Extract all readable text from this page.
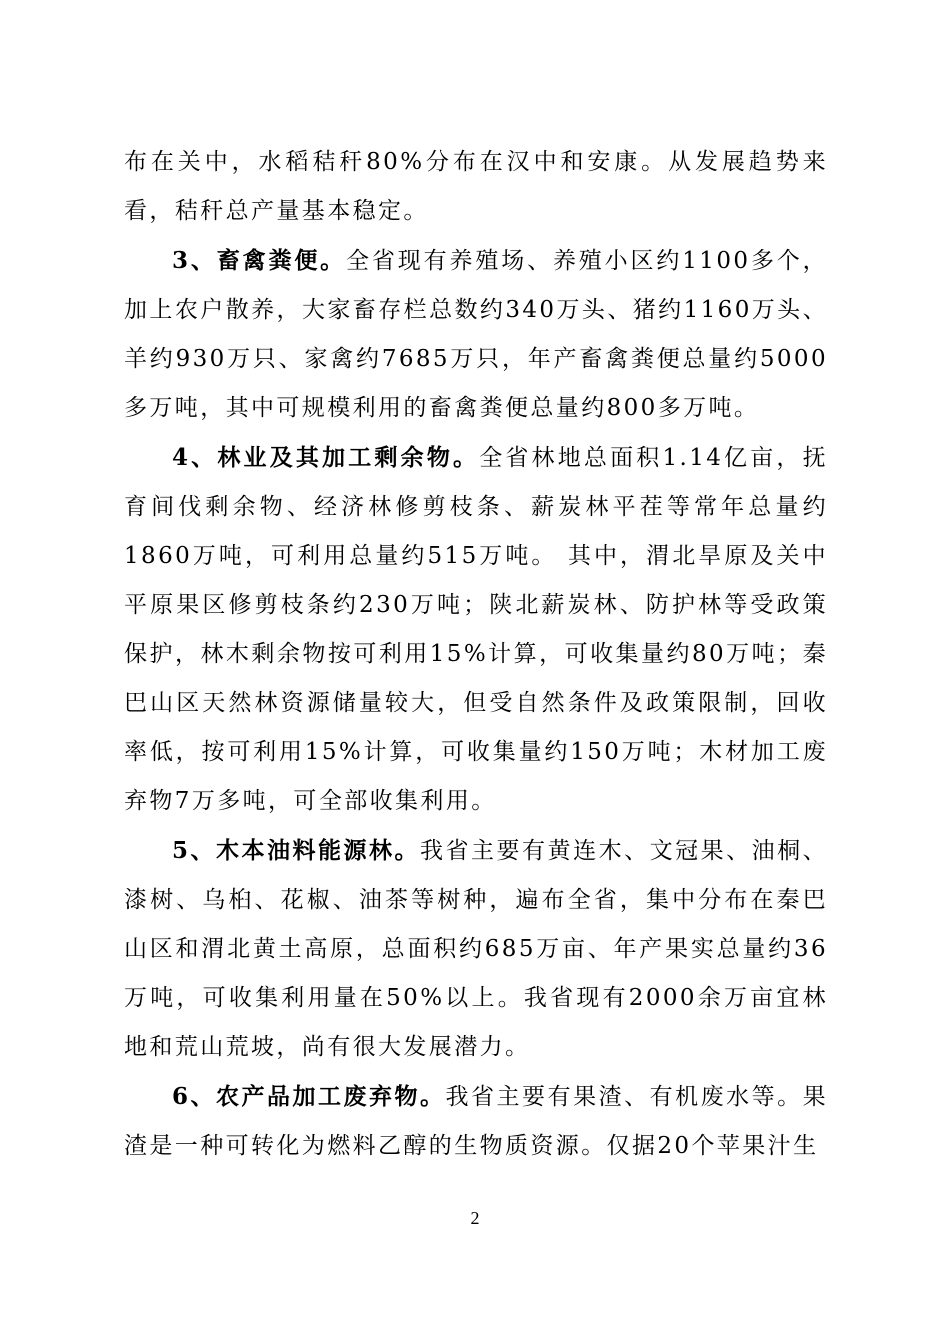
布在关中，水稻秸秆80%分布在汉中和安康。从发展趋势来看，秸秆总产量基本稳定。

3、畜禽粪便。全省现有养殖场、养殖小区约1100多个，加上农户散养，大家畜存栏总数约340万头、猪约1160万头、羊约930万只、家禽约7685万只，年产畜禽粪便总量约5000多万吨，其中可规模利用的畜禽粪便总量约800多万吨。

4、林业及其加工剩余物。全省林地总面积1.14亿亩，抚育间伐剩余物、经济林修剪枝条、薪炭林平茬等常年总量约1860万吨，可利用总量约515万吨。 其中，渭北旱原及关中平原果区修剪枝条约230万吨；陕北薪炭林、防护林等受政策保护，林木剩余物按可利用15%计算，可收集量约80万吨；秦巴山区天然林资源储量较大，但受自然条件及政策限制，回收率低，按可利用15%计算，可收集量约150万吨；木材加工废弃物7万多吨，可全部收集利用。

5、木本油料能源林。我省主要有黄连木、文冠果、油桐、漆树、乌桕、花椒、油茶等树种，遍布全省，集中分布在秦巴山区和渭北黄土高原，总面积约685万亩、年产果实总量约36万吨，可收集利用量在50%以上。我省现有2000余万亩宜林地和荒山荒坡，尚有很大发展潜力。

6、农产品加工废弃物。我省主要有果渣、有机废水等。果渣是一种可转化为燃料乙醇的生物质资源。仅据20个苹果汁生

2
